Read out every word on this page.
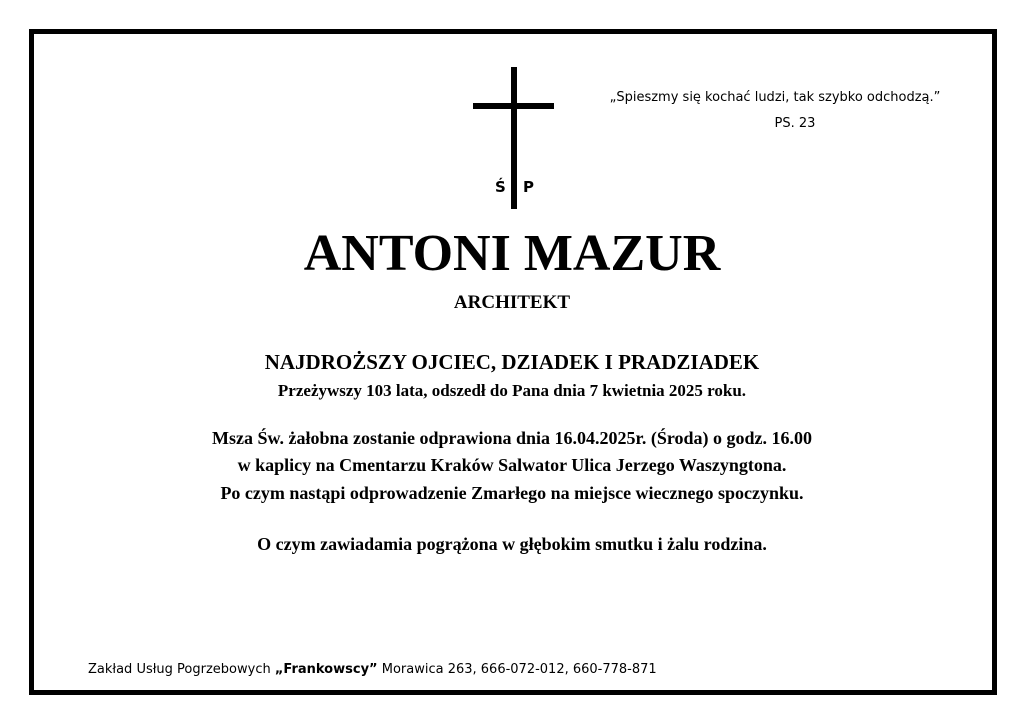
Ś P
„Spieszmy się kochać ludzi, tak szybko odchodzą.”
PS. 23
ANTONI MAZUR
ARCHITEKT
NAJDROŻSZY OJCIEC, DZIADEK I PRADZIADEK
Przeżywszy 103 lata, odszedł do Pana dnia 7 kwietnia 2025 roku.
Msza Św. żałobna zostanie odprawiona dnia 16.04.2025r. (Środa) o godz. 16.00
w kaplicy na Cmentarzu Kraków Salwator Ulica Jerzego Waszyngtona.
Po czym nastąpi odprowadzenie Zmarłego na miejsce wiecznego spoczynku.
O czym zawiadamia pogrążona w głębokim smutku i żalu rodzina.
Zakład Usług Pogrzebowych „Frankowscy” Morawica 263, 666-072-012, 660-778-871
